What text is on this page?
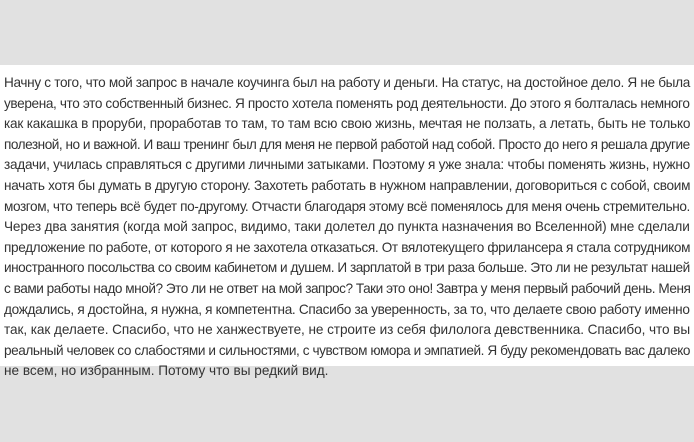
Начну с того, что мой запрос в начале коучинга был на работу и деньги. На статус, на достойное дело. Я не была
уверена, что это собственный бизнес. Я просто хотела поменять род деятельности. До этого я болталась немного
как какашка в проруби, проработав то там, то там всю свою жизнь, мечтая не ползать, а летать, быть не только
полезной, но и важной. И ваш тренинг был для меня не первой работой над собой. Просто до него я решала другие
задачи, училась справляться с другими личными затыками. Поэтому я уже знала: чтобы поменять жизнь, нужно
начать хотя бы думать в другую сторону. Захотеть работать в нужном направлении, договориться с собой, своим
мозгом, что теперь всё будет по-другому. Отчасти благодаря этому всё поменялось для меня очень стремительно.
Через два занятия (когда мой запрос, видимо, таки долетел до пункта назначения во Вселенной) мне сделали
предложение по работе, от которого я не захотела отказаться. От вялотекущего фрилансера я стала сотрудником
иностранного посольства со своим кабинетом и душем. И зарплатой в три раза больше. Это ли не результат нашей
с вами работы надо мной? Это ли не ответ на мой запрос? Таки это оно! Завтра у меня первый рабочий день. Меня
дождались, я достойна, я нужна, я компетентна. Спасибо за уверенность, за то, что делаете свою работу именно
так, как делаете. Спасибо, что не ханжествуете, не строите из себя филолога девственника. Спасибо, что вы
реальный человек со слабостями и сильностями, с чувством юмора и эмпатией. Я буду рекомендовать вас далеко
не всем, но избранным. Потому что вы редкий вид.
